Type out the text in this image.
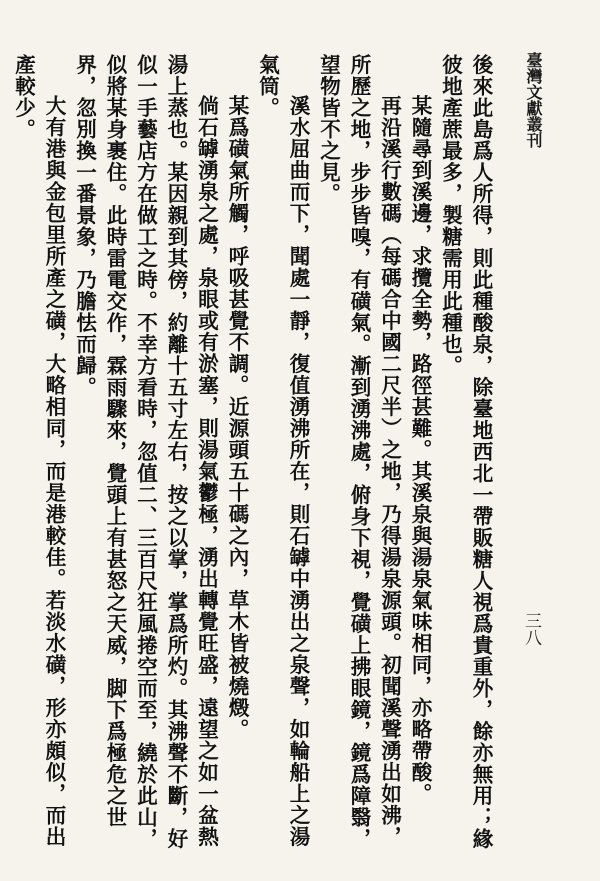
臺灣文獻叢刊
三八

後來此島爲人所得，則此種酸泉，除臺地西北一帶販糖人視爲貴重外，餘亦無用；緣彼地產蔗最多，製糖需用此種也。

某隨尋到溪邊，求攬全勢，路徑甚難。其溪泉與湯泉氣味相同，亦略帶酸。

再沿溪行數碼（每碼合中國二尺半）之地，乃得湯泉源頭。初聞溪聲湧出如沸，所歷之地，步步皆嗅，有磺氣。漸到湧沸處，俯身下視，覺磺上拂眼鏡，鏡爲障翳，望物皆不之見。

溪水屈曲而下，聞處一靜，復值湧沸所在，則石罅中湧出之泉聲，如輪船上之湯氣筒。

某爲磺氣所觸，呼吸甚覺不調。近源頭五十碼之內，草木皆被燒燬。

倘石罅湧泉之處，泉眼或有淤塞，則湯氣鬱極，湧出轉覺旺盛，遠望之如一盆熱湯上蒸也。某因親到其傍，約離十五寸左右，按之以掌，掌爲所灼。其沸聲不斷，好似一手藝店方在做工之時。不幸方看時，忽值二、三百尺狂風捲空而至，繞於此山，似將某身裹住。此時雷電交作，霖雨驟來，覺頭上有甚怒之天威，脚下爲極危之世界，忽別換一番景象，乃膽怯而歸。

大有港與金包里所產之磺，大略相同，而是港較佳。若淡水磺，形亦頗似，而出產較少。
